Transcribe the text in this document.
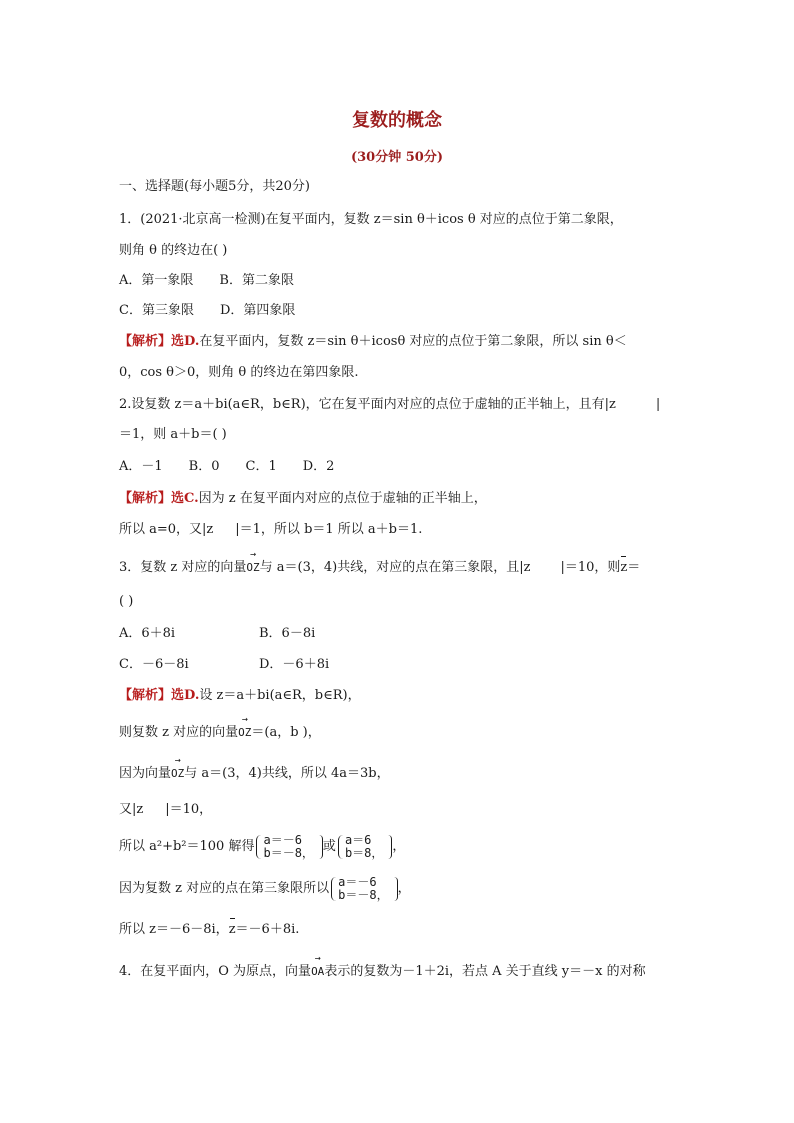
复数的概念
(30分钟 50分)
一、选择题(每小题5分，共20分)
1．(2021·北京高一检测)在复平面内，复数 z＝sin θ＋icos θ 对应的点位于第二象限，
则角 θ 的终边在( )
A．第一象限 B．第二象限
C．第三象限 D．第四象限
【解析】选D.在复平面内，复数 z＝sin θ＋icosθ 对应的点位于第二象限，所以 sin θ＜
0，cos θ＞0，则角 θ 的终边在第四象限.
2.设复数 z＝a＋bi(a∈R，b∈R)，它在复平面内对应的点位于虚轴的正半轴上，且有|z	|
＝1，则 a＋b＝( )
A．－1 B．0 C．1 D．2
【解析】选C.因为 z 在复平面内对应的点位于虚轴的正半轴上，
所以 a=0，又|z |＝1，所以 b＝1 所以 a＋b＝1.
3．复数 z 对应的向量
→
OZ与 a＝(3，4)共线，对应的点在第三象限，且|z |＝10，则
z＝
( )
A．6＋8i	B．6－8i
C．－6－8i	D．－6＋8i
【解析】选D.设 z＝a＋bi(a∈R，b∈R)，
则复数 z 对应的向量
→
OZ＝(a，b )，
因为向量
→
OZ与 a＝(3，4)共线，所以 4a＝3b，
又|z |＝10，
所以 a²+b²＝100 解得 a＝－6
b＝－8， 或 a＝6
b＝8， ，
因为复数 z 对应的点在第三象限所以 a＝－6
b＝－8， ，
所以 z＝－6－8i，
z＝－6＋8i.
4．在复平面内，O 为原点，向量
→
OA表示的复数为－1＋2i，若点 A 关于直线 y＝－x 的对称
